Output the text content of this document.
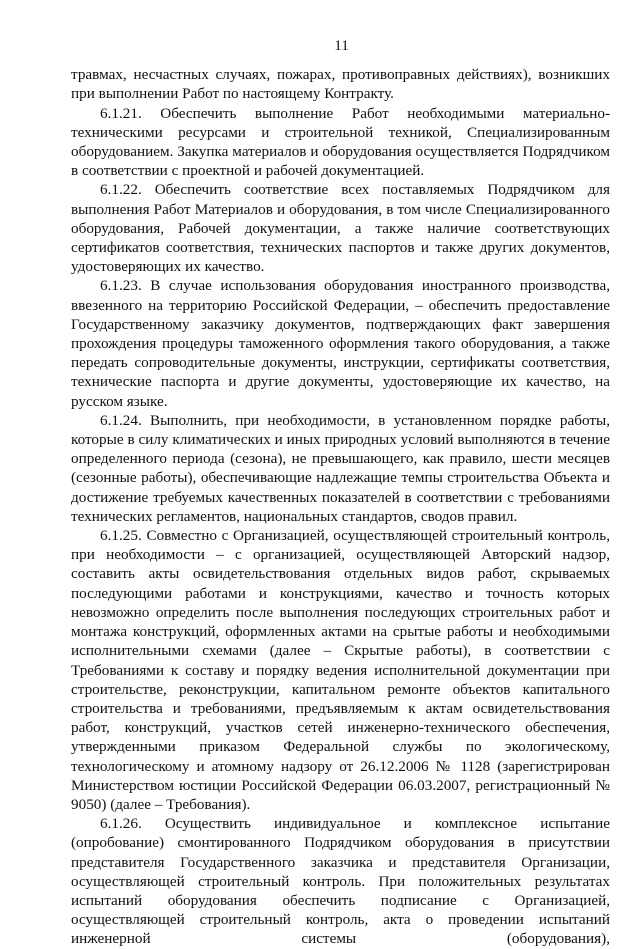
11

травмах, несчастных случаях, пожарах, противоправных действиях), возникших при выполнении Работ по настоящему Контракту.

6.1.21. Обеспечить выполнение Работ необходимыми материально-техническими ресурсами и строительной техникой, Специализированным оборудованием. Закупка материалов и оборудования осуществляется Подрядчиком в соответствии с проектной и рабочей документацией.

6.1.22. Обеспечить соответствие всех поставляемых Подрядчиком для выполнения Работ Материалов и оборудования, в том числе Специализированного оборудования, Рабочей документации, а также наличие соответствующих сертификатов соответствия, технических паспортов и также других документов, удостоверяющих их качество.

6.1.23. В случае использования оборудования иностранного производства, ввезенного на территорию Российской Федерации, – обеспечить предоставление Государственному заказчику документов, подтверждающих факт завершения прохождения процедуры таможенного оформления такого оборудования, а также передать сопроводительные документы, инструкции, сертификаты соответствия, технические паспорта и другие документы, удостоверяющие их качество, на русском языке.

6.1.24. Выполнить, при необходимости, в установленном порядке работы, которые в силу климатических и иных природных условий выполняются в течение определенного периода (сезона), не превышающего, как правило, шести месяцев (сезонные работы), обеспечивающие надлежащие темпы строительства Объекта и достижение требуемых качественных показателей в соответствии с требованиями технических регламентов, национальных стандартов, сводов правил.

6.1.25. Совместно с Организацией, осуществляющей строительный контроль, при необходимости – с организацией, осуществляющей Авторский надзор, составить акты освидетельствования отдельных видов работ, скрываемых последующими работами и конструкциями, качество и точность которых невозможно определить после выполнения последующих строительных работ и монтажа конструкций, оформленных актами на срытые работы и необходимыми исполнительными схемами (далее – Скрытые работы), в соответствии с Требованиями к составу и порядку ведения исполнительной документации при строительстве, реконструкции, капитальном ремонте объектов капитального строительства и требованиями, предъявляемым к актам освидетельствования работ, конструкций, участков сетей инженерно-технического обеспечения, утвержденными приказом Федеральной службы по экологическому, технологическому и атомному надзору от 26.12.2006 № 1128 (зарегистрирован Министерством юстиции Российской Федерации 06.03.2007, регистрационный № 9050) (далее – Требования).

6.1.26. Осуществить индивидуальное и комплексное испытание (опробование) смонтированного Подрядчиком оборудования в присутствии представителя Государственного заказчика и представителя Организации, осуществляющей строительный контроль. При положительных результатах испытаний оборудования обеспечить подписание с Организацией, осуществляющей строительный контроль, акта о проведении испытаний инженерной системы (оборудования),
